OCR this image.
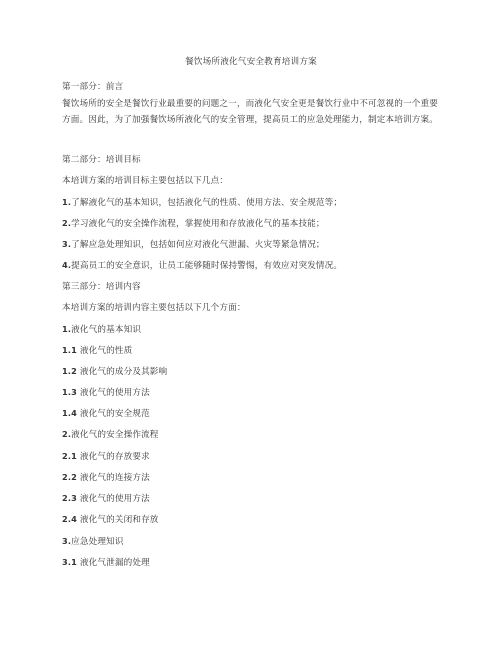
餐饮场所液化气安全教育培训方案
第一部分：前言
餐饮场所的安全是餐饮行业最重要的问题之一，而液化气安全更是餐饮行业中不可忽视的一个重要方面。因此，为了加强餐饮场所液化气的安全管理，提高员工的应急处理能力，制定本培训方案。
第二部分：培训目标
本培训方案的培训目标主要包括以下几点：
1.了解液化气的基本知识，包括液化气的性质、使用方法、安全规范等；
2.学习液化气的安全操作流程，掌握使用和存放液化气的基本技能；
3.了解应急处理知识，包括如何应对液化气泄漏、火灾等紧急情况；
4.提高员工的安全意识，让员工能够随时保持警惕，有效应对突发情况。
第三部分：培训内容
本培训方案的培训内容主要包括以下几个方面：
1.液化气的基本知识
1.1 液化气的性质
1.2 液化气的成分及其影响
1.3 液化气的使用方法
1.4 液化气的安全规范
2.液化气的安全操作流程
2.1 液化气的存放要求
2.2 液化气的连接方法
2.3 液化气的使用方法
2.4 液化气的关闭和存放
3.应急处理知识
3.1 液化气泄漏的处理
